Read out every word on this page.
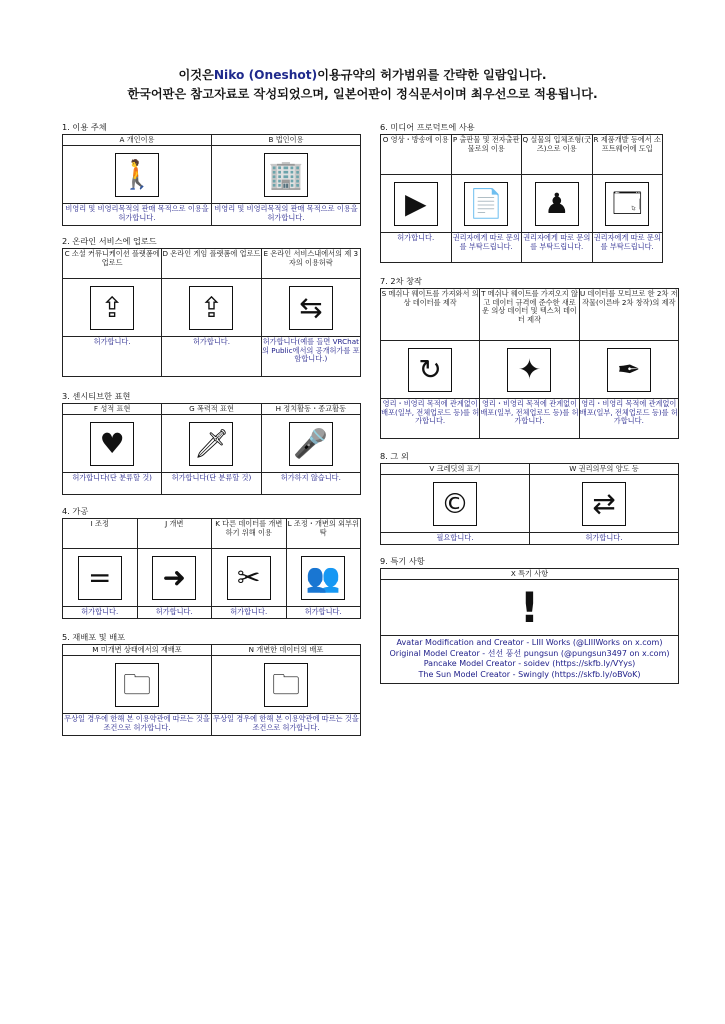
이것은Niko (Oneshot)이용규약의 허가범위를 간략한 일람입니다.
한국어판은 참고자료로 작성되었으며, 일본어판이 정식문서이며 최우선으로 적용됩니다.
1. 이용 주체
A 개인이용	B 법인이용

🚶	🏢

비영리 및 비영리목적의 판매 목적으로 이용을 허가합니다.	비영리 및 비영리목적의 판매 목적으로 이용을 허가합니다.
2. 온라인 서비스에 업로드
C 소셜 커뮤니케이션 플랫폼에 업로드	D 온라인 게임 플랫폼에 업로드	E 온라인 서비스내에서의 제 3자의 이용허락

⇪	⇪	⇆

허가합니다.	허가합니다.	허가합니다(예를 들면 VRChat의 Public에서의 공개허가를 포함합니다.)
3. 센시티브한 표현
F 성적 표현	G 폭력적 표현	H 정치활동・종교활동

♥	🗡	🎤

허가합니다(단 분류할 것)	허가합니다(단 분류할 것)	허가하지 않습니다.
4. 가공
I 조정	J 개변	K 다른 데이터를 개변하기 위해 이용	L 조정・개변의 외부위탁

=	➜	✂	👥

허가합니다.	허가합니다.	허가합니다.	허가합니다.
5. 재배포 및 배포
M 미개변 상태에서의 재배포	N 개변한 데이터의 배포

🗀	🗀

무상일 경우에 한해 본 이용약관에 따르는 것을 조건으로 허가합니다.	무상일 경우에 한해 본 이용약관에 따르는 것을 조건으로 허가합니다.
6. 미디어 프로덕트에 사용
O 영상・방송에 이용	P 출판물 및 전자출판물로의 이용	Q 실물의 입체조형(굿즈)으로 이용	R 제품개발 등에서 소프트웨어에 도입

▶	📄	♟	🗔

허가합니다.	권리자에게 따로 문의를 부탁드립니다.	권리자에게 따로 문의를 부탁드립니다.	권리자에게 따로 문의를 부탁드립니다.
7. 2차 창작
S 메쉬나 웨이트를 가져와서 의상 데이터를 제작	T 메쉬나 웨이트를 가져오지 않고 데이터 규격에 준수한 새로운 의상 데이터 및 텍스처 데이터 제작	U 데이터를 모티브로 한 2차 저작물(이른바 2차 창작)의 제작

↻	✦	✒

영리・비영리 목적에 관계없이 배포(일부, 전체업로드 등)를 허가합니다.	영리・비영리 목적에 관계없이 배포(일부, 전체업로드 등)를 허가합니다.	영리・비영리 목적에 관계없이 배포(일부, 전체업로드 등)를 허가합니다.
8. 그 외
V 크레딧의 표기	W 권리의무의 양도 등

©	⇄

필요합니다.	허가합니다.
9. 특기 사항
X 특기 사항
!

Avatar Modification and Creator - LIII Works (@LIIIWorks on x.com)
Original Model Creator - 선선 풍선 pungsun (@pungsun3497 on x.com)
Pancake Model Creator - soidev (https://skfb.ly/VYys)
The Sun Model Creator - Swingly (https://skfb.ly/oBVoK)
